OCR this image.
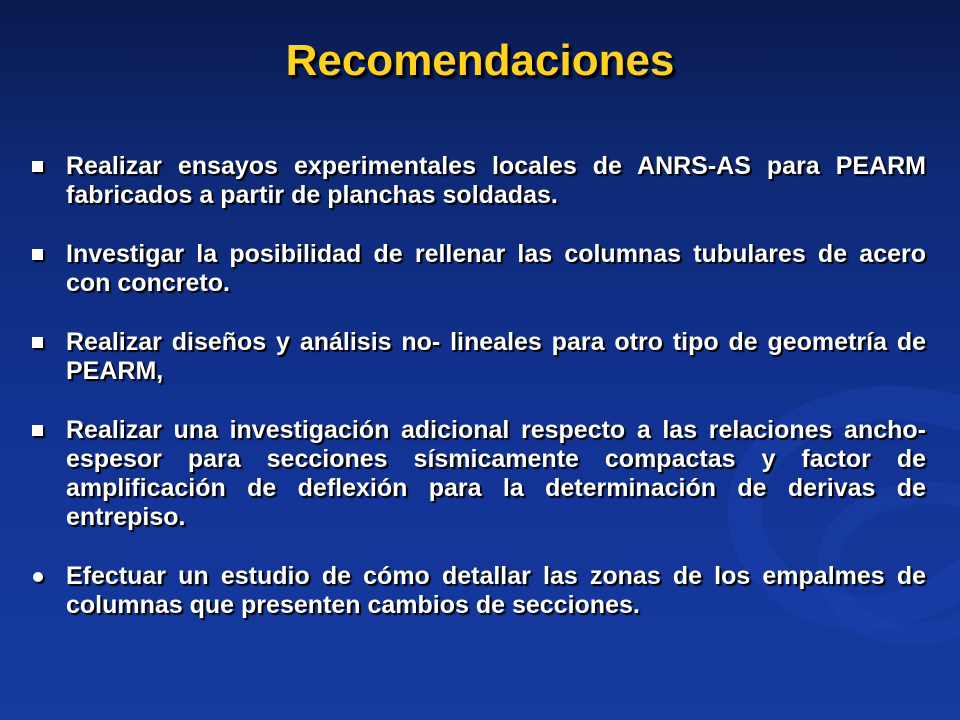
Recomendaciones
Realizar ensayos experimentales locales de ANRS-AS para PEARM fabricados a partir de planchas soldadas.
Investigar la posibilidad de rellenar las columnas tubulares de acero con concreto.
Realizar diseños y análisis no- lineales para otro tipo de geometría de PEARM,
Realizar una investigación adicional respecto a las relaciones ancho-espesor para secciones sísmicamente compactas y factor de amplificación de deflexión para la determinación de derivas de entrepiso.
Efectuar un estudio de cómo detallar las zonas de los empalmes de columnas que presenten cambios de secciones.
